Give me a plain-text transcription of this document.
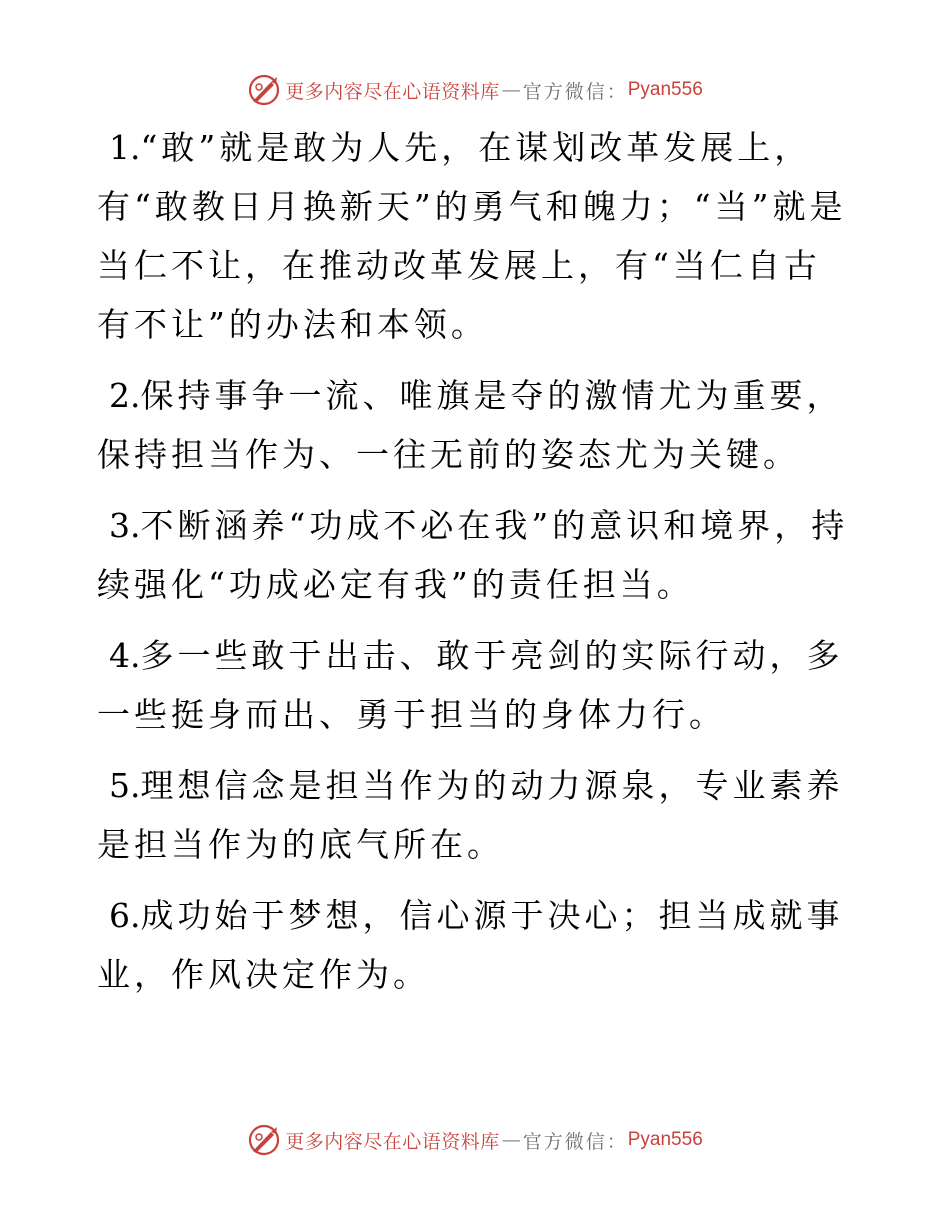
更多内容尽在心语资料库 — 官方微信： Pyan556

1.“敢”就是敢为人先，在谋划改革发展上，有“敢教日月换新天”的勇气和魄力；“当”就是当仁不让，在推动改革发展上，有“当仁自古有不让”的办法和本领。

2.保持事争一流、唯旗是夺的激情尤为重要，保持担当作为、一往无前的姿态尤为关键。

3.不断涵养“功成不必在我”的意识和境界，持续强化“功成必定有我”的责任担当。

4.多一些敢于出击、敢于亮剑的实际行动，多一些挺身而出、勇于担当的身体力行。

5.理想信念是担当作为的动力源泉，专业素养是担当作为的底气所在。

6.成功始于梦想，信心源于决心；担当成就事业，作风决定作为。

更多内容尽在心语资料库 — 官方微信： Pyan556
